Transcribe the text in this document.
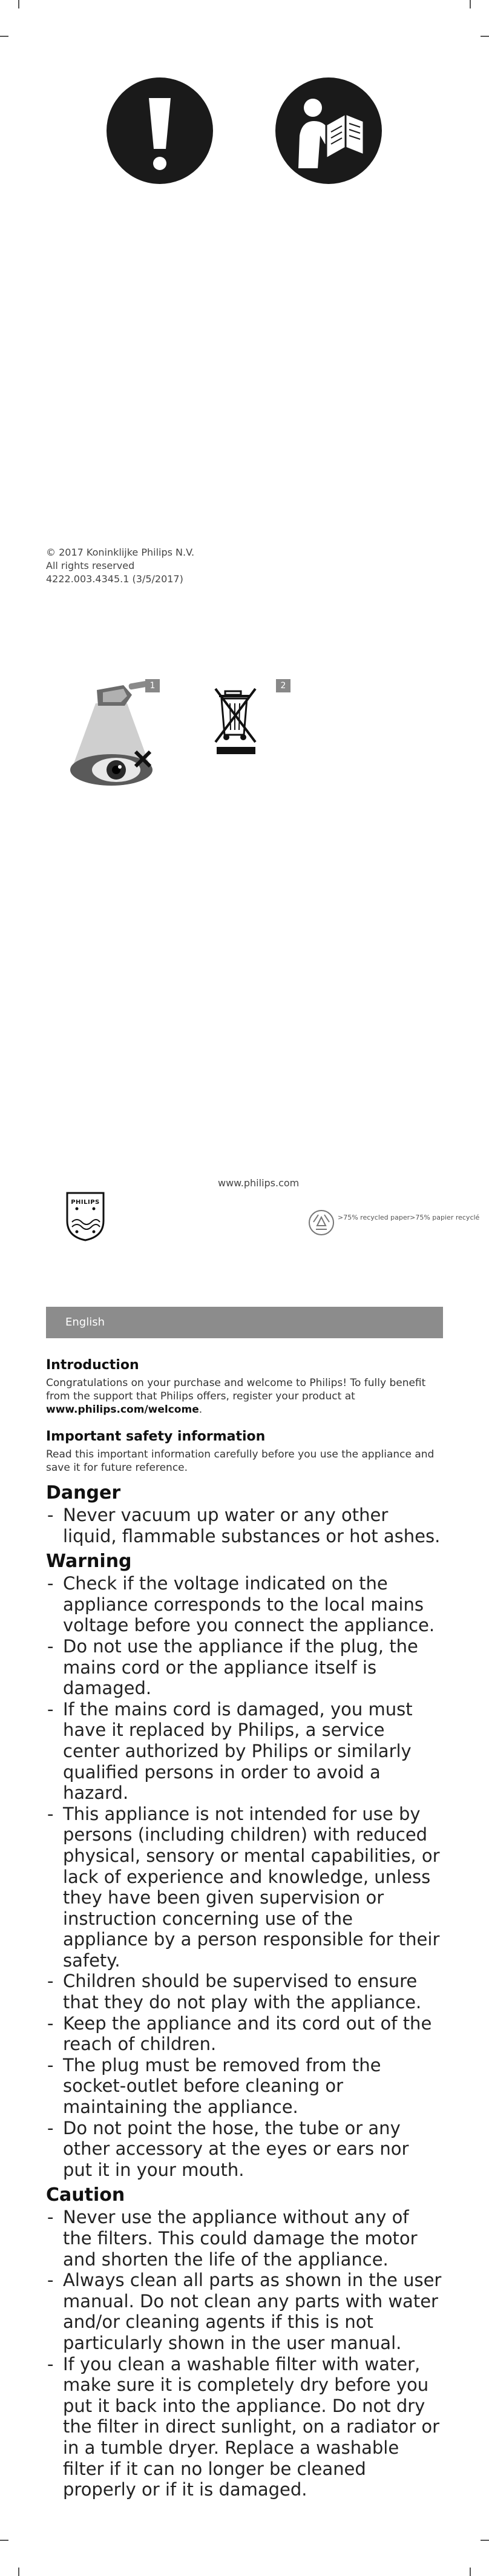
© 2017 Koninklijke Philips N.V.
All rights reserved
4222.003.4345.1 (3/5/2017)
1	2
www.philips.com
PHILIPS
>75% recycled paper>75% papier recyclé
English
Introduction

Congratulations on your purchase and welcome to Philips! To fully benefit from the support that Philips offers, register your product at www.philips.com/welcome.

Important safety information

Read this important information carefully before you use the appliance and save it for future reference.

Danger
- Never vacuum up water or any other liquid, flammable substances or hot ashes.
Warning
- Check if the voltage indicated on the appliance corresponds to the local mains voltage before you connect the appliance.
- Do not use the appliance if the plug, the mains cord or the appliance itself is damaged.
- If the mains cord is damaged, you must have it replaced by Philips, a service center authorized by Philips or similarly qualified persons in order to avoid a hazard.
- This appliance is not intended for use by persons (including children) with reduced physical, sensory or mental capabilities, or lack of experience and knowledge, unless they have been given supervision or instruction concerning use of the appliance by a person responsible for their safety.
- Children should be supervised to ensure that they do not play with the appliance.
- Keep the appliance and its cord out of the reach of children.
- The plug must be removed from the socket-outlet before cleaning or maintaining the appliance.
- Do not point the hose, the tube or any other accessory at the eyes or ears nor put it in your mouth.
Caution
- Never use the appliance without any of the filters. This could damage the motor and shorten the life of the appliance.
- Always clean all parts as shown in the user manual. Do not clean any parts with water and/or cleaning agents if this is not particularly shown in the user manual.
- If you clean a washable filter with water, make sure it is completely dry before you put it back into the appliance. Do not dry the filter in direct sunlight, on a radiator or in a tumble dryer. Replace a washable filter if it can no longer be cleaned properly or if it is damaged.
